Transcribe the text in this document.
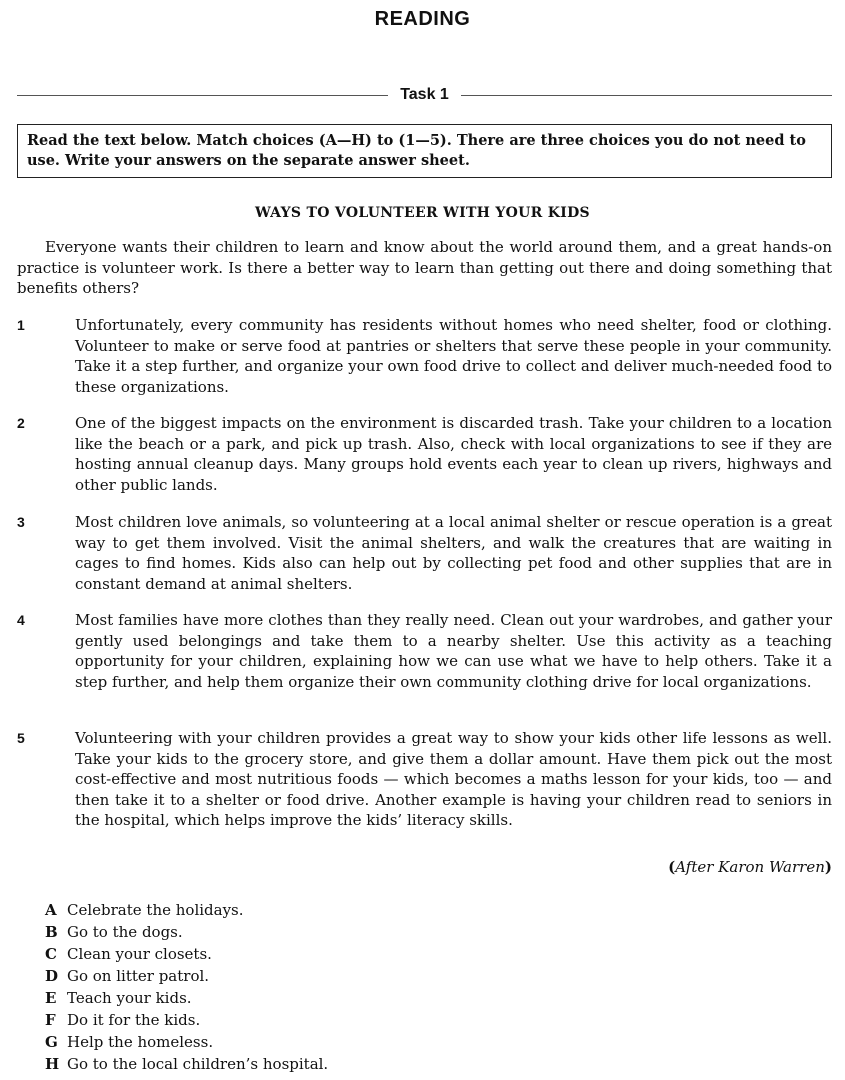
READING
Task 1
Read the text below. Match choices (A—H) to (1—5). There are three choices you do not need to use. Write your answers on the separate answer sheet.
WAYS TO VOLUNTEER WITH YOUR KIDS

Everyone wants their children to learn and know about the world around them, and a great hands-on practice is volunteer work. Is there a better way to learn than getting out there and doing something that benefits others?

1	Unfortunately, every community has residents without homes who need shelter, food or clothing. Volunteer to make or serve food at pantries or shelters that serve these people in your community. Take it a step further, and organize your own food drive to collect and deliver much-needed food to these organizations.

2	One of the biggest impacts on the environment is discarded trash. Take your children to a location like the beach or a park, and pick up trash. Also, check with local organizations to see if they are hosting annual cleanup days. Many groups hold events each year to clean up rivers, highways and other public lands.

3	Most children love animals, so volunteering at a local animal shelter or rescue operation is a great way to get them involved. Visit the animal shelters, and walk the creatures that are waiting in cages to find homes. Kids also can help out by collecting pet food and other supplies that are in constant demand at animal shelters.

4	Most families have more clothes than they really need. Clean out your wardrobes, and gather your gently used belongings and take them to a nearby shelter. Use this activity as a teaching opportunity for your children, explaining how we can use what we have to help others. Take it a step further, and help them organize their own community clothing drive for local organizations.

5	Volunteering with your children provides a great way to show your kids other life lessons as well. Take your kids to the grocery store, and give them a dollar amount. Have them pick out the most cost-effective and most nutritious foods — which becomes a maths lesson for your kids, too — and then take it to a shelter or food drive. Another example is having your children read to seniors in the hospital, which helps improve the kids’ literacy skills.

(After Karon Warren)
A Celebrate the holidays.
B Go to the dogs.
C Clean your closets.
D Go on litter patrol.
E Teach your kids.
F Do it for the kids.
G Help the homeless.
H Go to the local children’s hospital.
